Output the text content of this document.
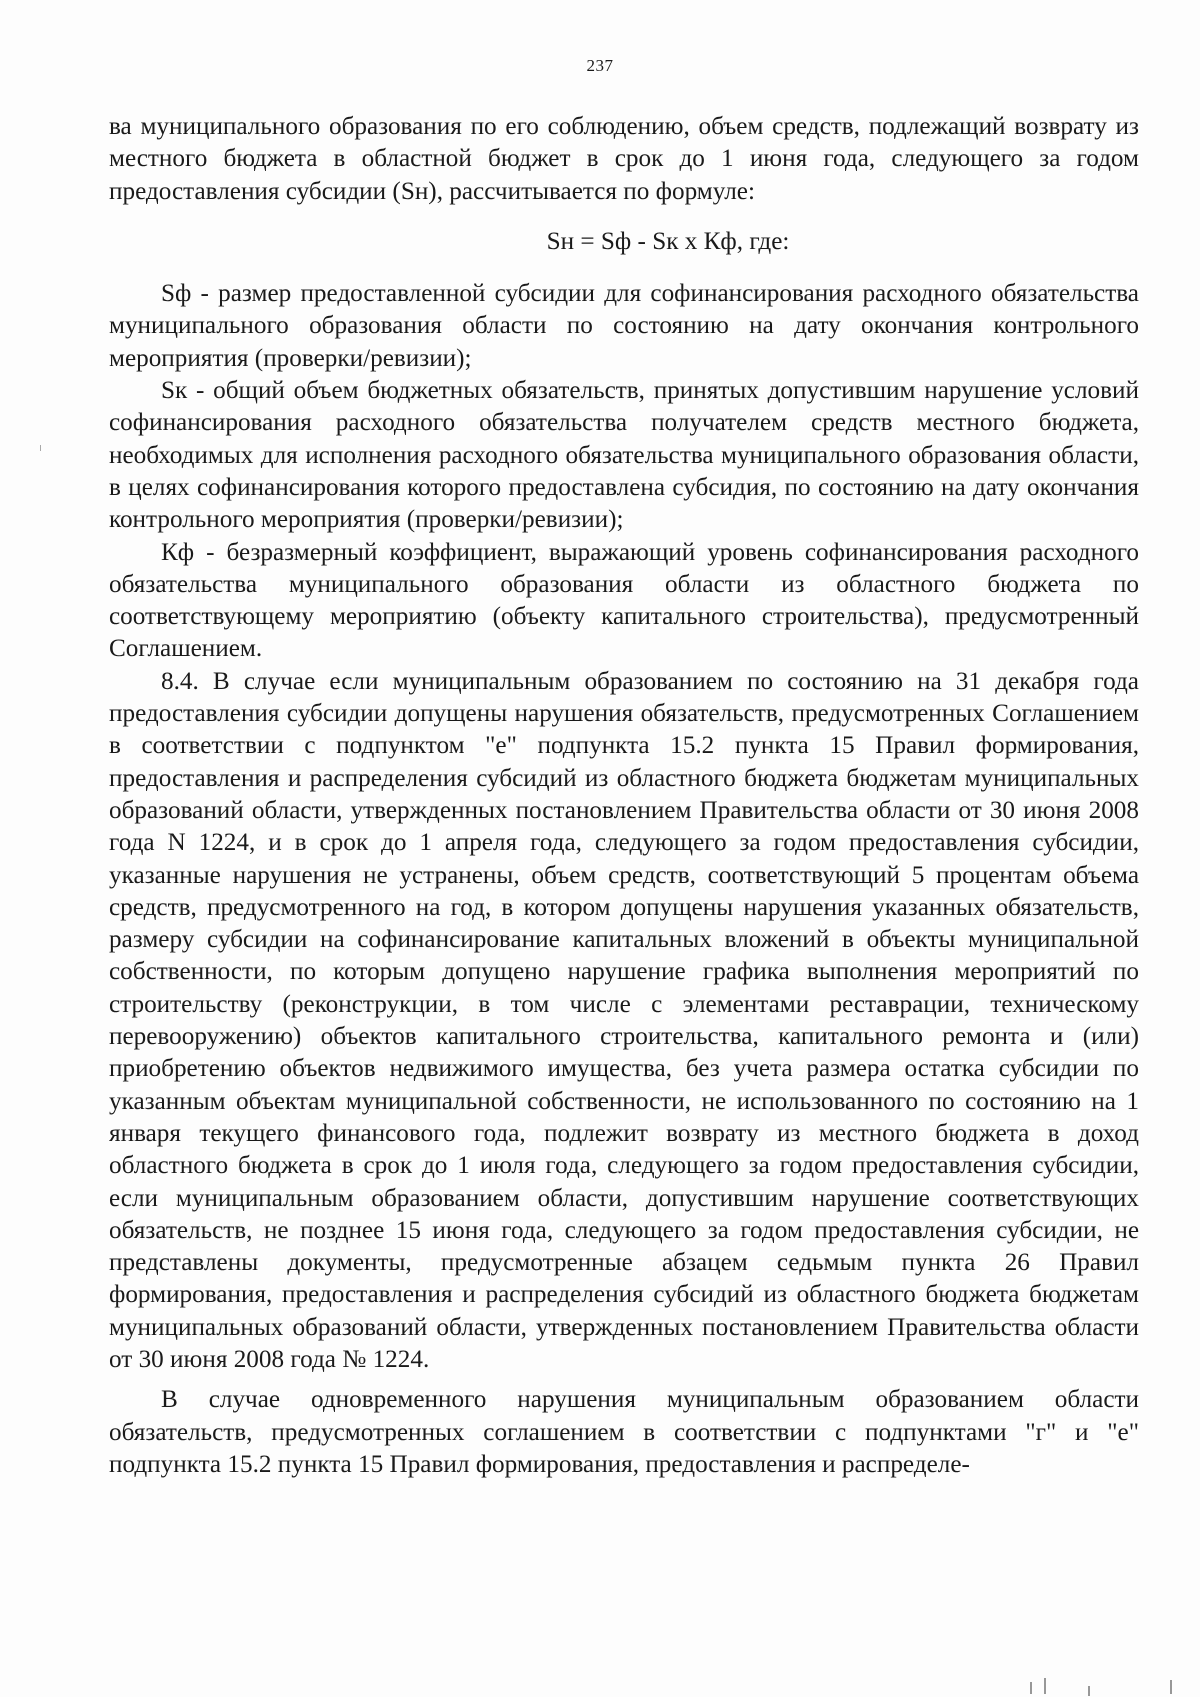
237

ва муниципального образования по его соблюдению, объем средств, подлежащий возврату из местного бюджета в областной бюджет в срок до 1 июня года, следующего за годом предоставления субсидии (Sн), рассчитывается по формуле:

Sн = Sф - Sк x Кф, где:

Sф - размер предоставленной субсидии для софинансирования расходного обязательства муниципального образования области по состоянию на дату окончания контрольного мероприятия (проверки/ревизии);

Sк - общий объем бюджетных обязательств, принятых допустившим нарушение условий софинансирования расходного обязательства получателем средств местного бюджета, необходимых для исполнения расходного обязательства муниципального образования области, в целях софинансирования которого предоставлена субсидия, по состоянию на дату окончания контрольного мероприятия (проверки/ревизии);

Кф - безразмерный коэффициент, выражающий уровень софинансирования расходного обязательства муниципального образования области из областного бюджета по соответствующему мероприятию (объекту капитального строительства), предусмотренный Соглашением.

8.4. В случае если муниципальным образованием по состоянию на 31 декабря года предоставления субсидии допущены нарушения обязательств, предусмотренных Соглашением в соответствии с подпунктом "е" подпункта 15.2 пункта 15 Правил формирования, предоставления и распределения субсидий из областного бюджета бюджетам муниципальных образований области, утвержденных постановлением Правительства области от 30 июня 2008 года N 1224, и в срок до 1 апреля года, следующего за годом предоставления субсидии, указанные нарушения не устранены, объем средств, соответствующий 5 процентам объема средств, предусмотренного на год, в котором допущены нарушения указанных обязательств, размеру субсидии на софинансирование капитальных вложений в объекты муниципальной собственности, по которым допущено нарушение графика выполнения мероприятий по строительству (реконструкции, в том числе с элементами реставрации, техническому перевооружению) объектов капитального строительства, капитального ремонта и (или) приобретению объектов недвижимого имущества, без учета размера остатка субсидии по указанным объектам муниципальной собственности, не использованного по состоянию на 1 января текущего финансового года, подлежит возврату из местного бюджета в доход областного бюджета в срок до 1 июля года, следующего за годом предоставления субсидии, если муниципальным образованием области, допустившим нарушение соответствующих обязательств, не позднее 15 июня года, следующего за годом предоставления субсидии, не представлены документы, предусмотренные абзацем седьмым пункта 26 Правил формирования, предоставления и распределения субсидий из областного бюджета бюджетам муниципальных образований области, утвержденных постановлением Правительства области от 30 июня 2008 года № 1224.

В случае одновременного нарушения муниципальным образованием области обязательств, предусмотренных соглашением в соответствии с подпунктами "г" и "е" подпункта 15.2 пункта 15 Правил формирования, предоставления и распределе-
